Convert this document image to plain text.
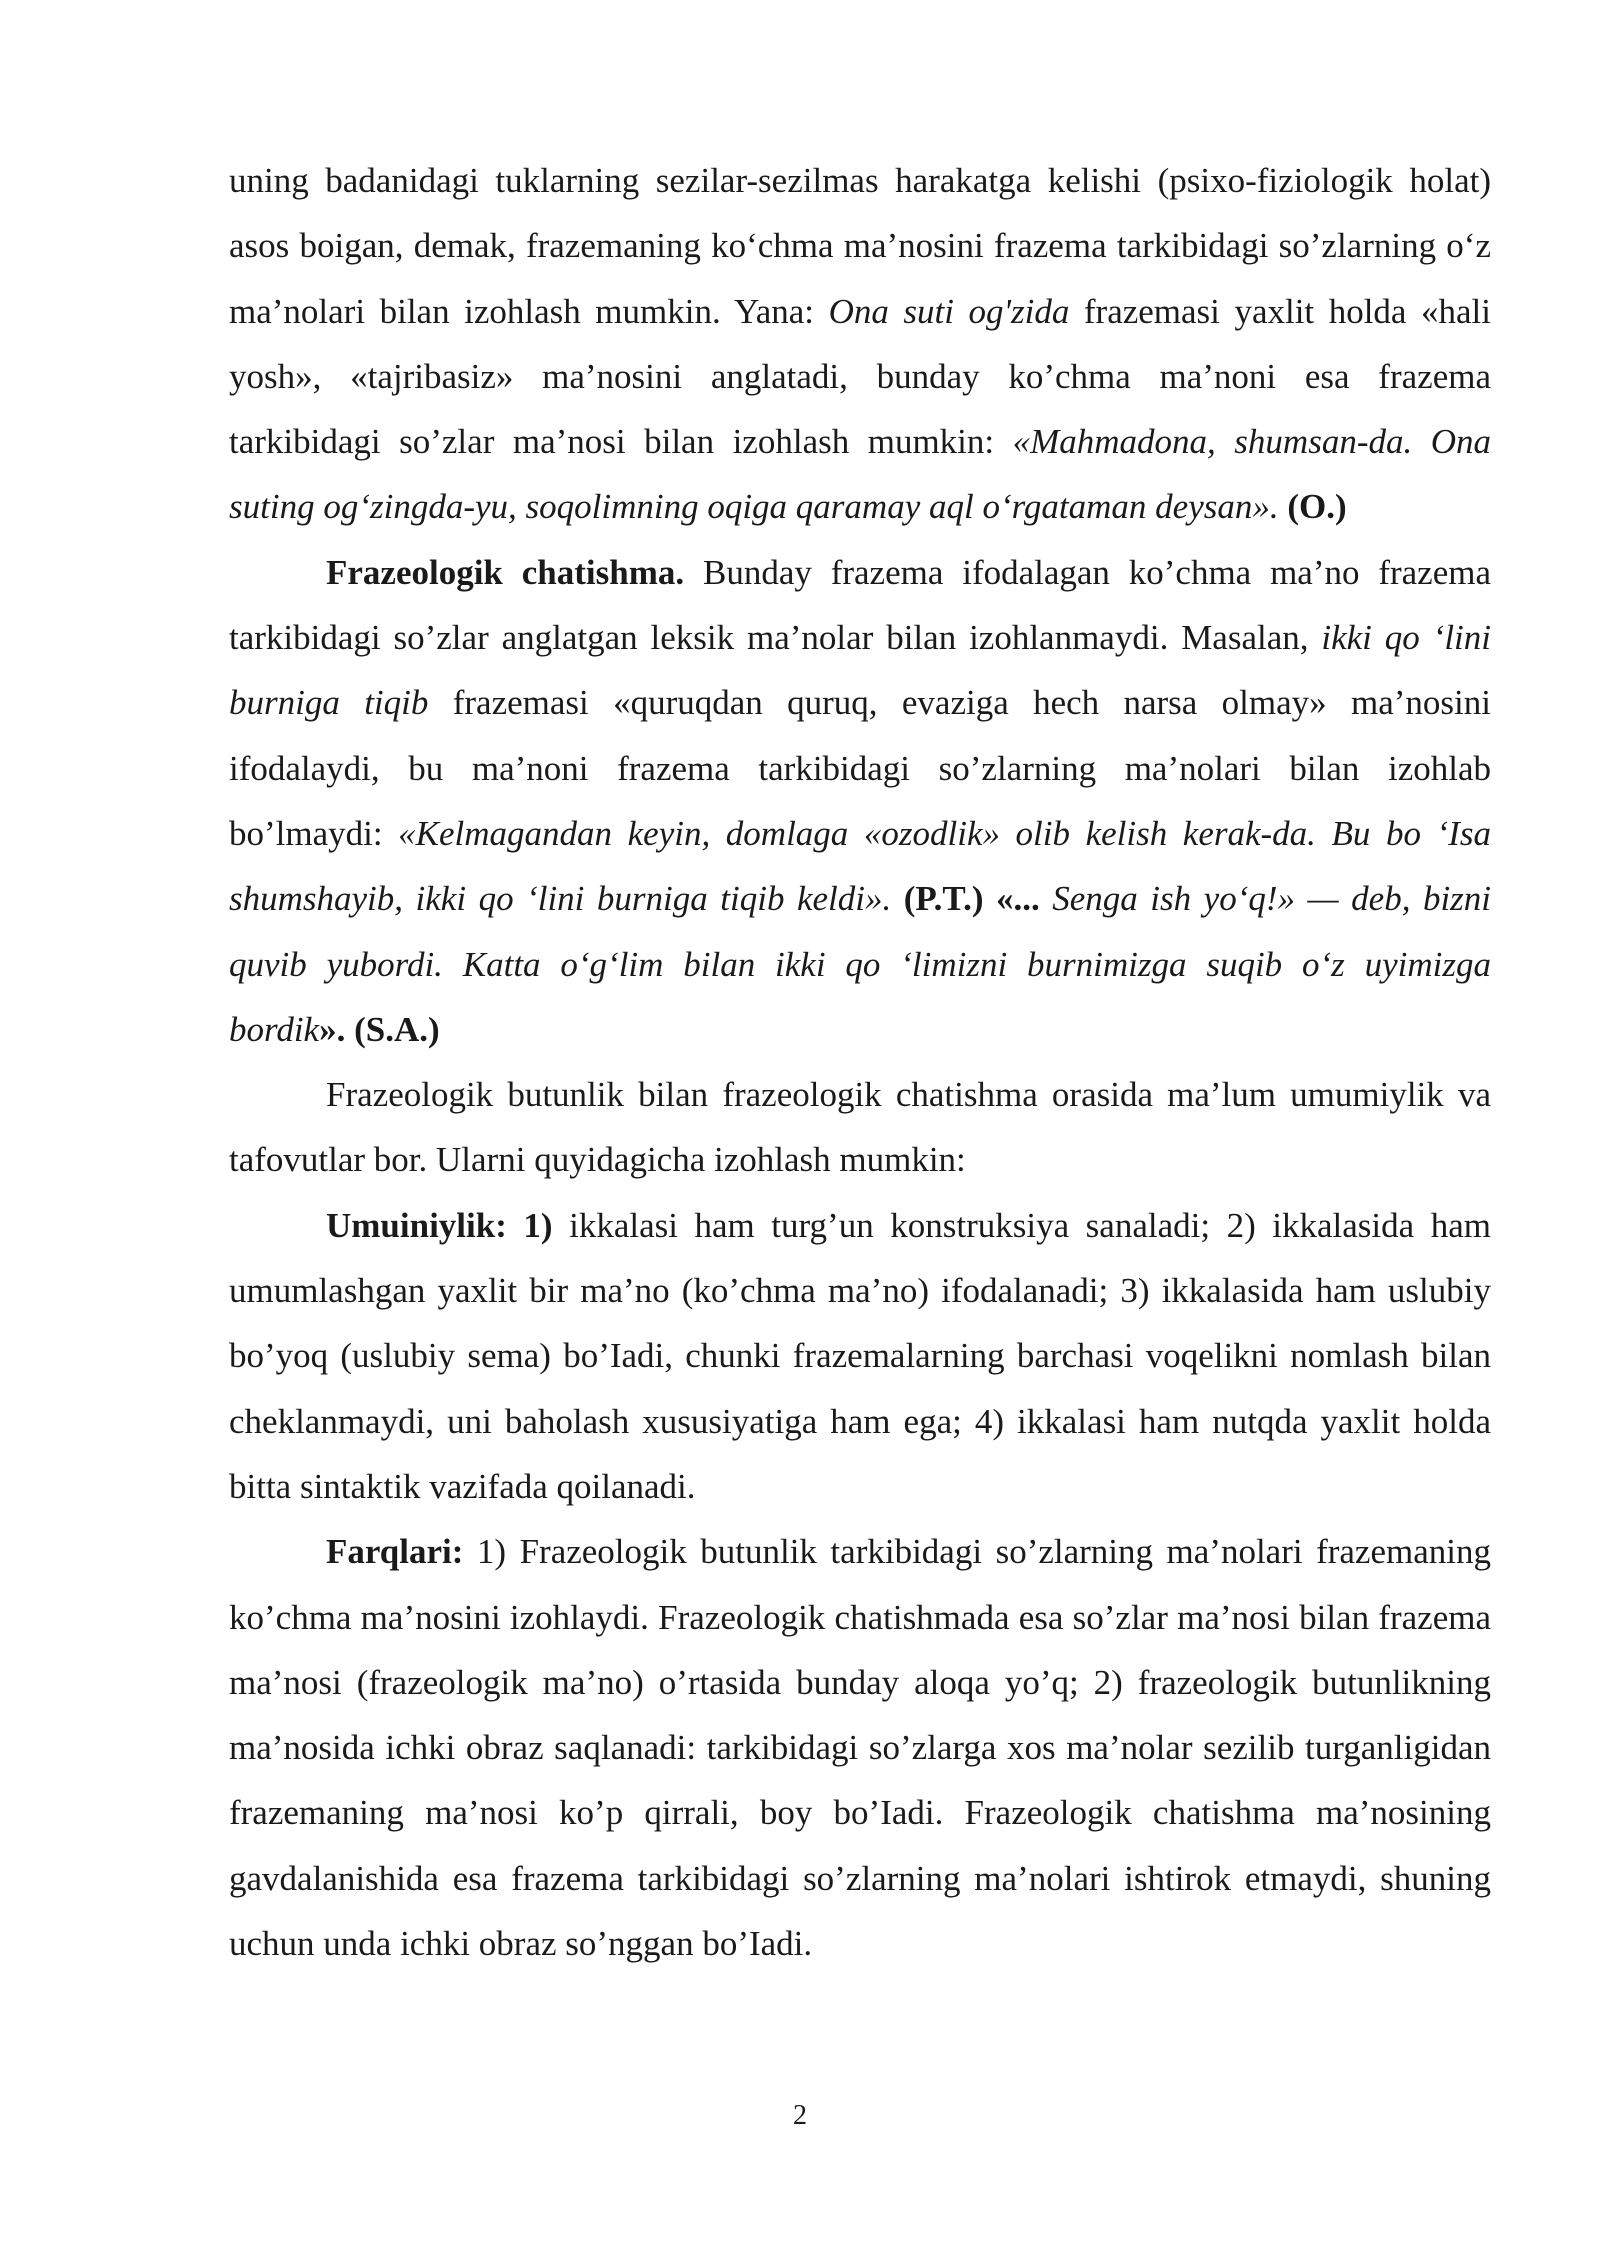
uning badanidagi tuklarning sezilar-sezilmas harakatga kelishi (psixo-fiziologik holat) asos boigan, demak, frazemaning ko‘chma ma’nosini frazema tarkibidagi so’zlarning o‘z ma’nolari bilan izohlash mumkin. Yana: Ona suti og'zida frazemasi yaxlit holda «hali yosh», «tajribasiz» ma’nosini anglatadi, bunday ko’chma ma’noni esa frazema tarkibidagi so’zlar ma’nosi bilan izohlash mumkin: «Mahmadona, shumsan-da. Ona suting og‘zingda-yu, soqolimning oqiga qaramay aql o‘rgataman deysan». (O.)

Frazeologik chatishma. Bunday frazema ifodalagan ko’chma ma’no frazema tarkibidagi so’zlar anglatgan leksik ma’nolar bilan izohlanmaydi. Masalan, ikki qo ‘lini burniga tiqib frazemasi «quruqdan quruq, evaziga hech narsa olmay» ma’nosini ifodalaydi, bu ma’noni frazema tarkibidagi so’zlarning ma’nolari bilan izohlab bo’lmaydi: «Kelmagandan keyin, domlaga «ozodlik» olib kelish kerak-da. Bu bo ‘Isa shumshayib, ikki qo ‘lini burniga tiqib keldi». (P.T.) «... Senga ish yo‘q!» — deb, bizni quvib yubordi. Katta o‘g‘lim bilan ikki qo ‘limizni burnimizga suqib o‘z uyimizga bordik». (S.A.)

Frazeologik butunlik bilan frazeologik chatishma orasida ma’lum umumiylik va tafovutlar bor. Ularni quyidagicha izohlash mumkin:

Umuiniylik: 1) ikkalasi ham turg’un konstruksiya sanaladi; 2) ikkalasida ham umumlashgan yaxlit bir ma’no (ko’chma ma’no) ifodalanadi; 3) ikkalasida ham uslubiy bo’yoq (uslubiy sema) bo’Iadi, chunki frazemalarning barchasi voqelikni nomlash bilan cheklanmaydi, uni baholash xususiyatiga ham ega; 4) ikkalasi ham nutqda yaxlit holda bitta sintaktik vazifada qoilanadi.

Farqlari: 1) Frazeologik butunlik tarkibidagi so’zlarning ma’nolari frazemaning ko’chma ma’nosini izohlaydi. Frazeologik chatishmada esa so’zlar ma’nosi bilan frazema ma’nosi (frazeologik ma’no) o’rtasida bunday aloqa yo’q; 2) frazeologik butunlikning ma’nosida ichki obraz saqlanadi: tarkibidagi so’zlarga xos ma’nolar sezilib turganligidan frazemaning ma’nosi ko’p qirrali, boy bo’Iadi. Frazeologik chatishma ma’nosining gavdalanishida esa frazema tarkibidagi so’zlarning ma’nolari ishtirok etmaydi, shuning uchun unda ichki obraz so’nggan bo’Iadi.

2
